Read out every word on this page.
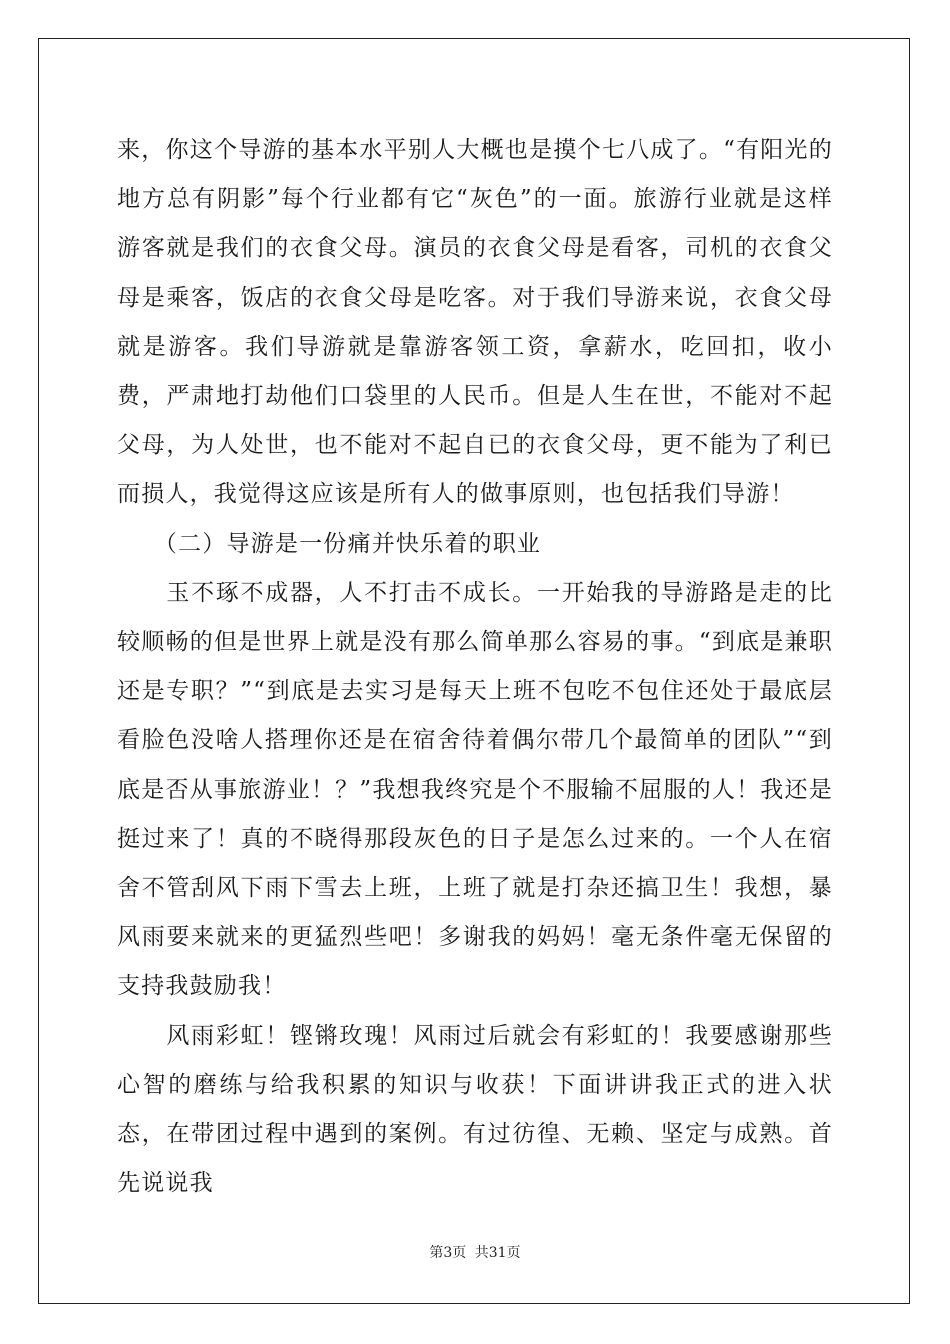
来，你这个导游的基本水平别人大概也是摸个七八成了。“有阳光的地方总有阴影”每个行业都有它“灰色”的一面。旅游行业就是这样游客就是我们的衣食父母。演员的衣食父母是看客，司机的衣食父母是乘客，饭店的衣食父母是吃客。对于我们导游来说，衣食父母就是游客。我们导游就是靠游客领工资，拿薪水，吃回扣，收小费，严肃地打劫他们口袋里的人民币。但是人生在世，不能对不起父母，为人处世，也不能对不起自已的衣食父母，更不能为了利已而损人，我觉得这应该是所有人的做事原则，也包括我们导游！

　　（二）导游是一份痛并快乐着的职业

　　玉不琢不成器，人不打击不成长。一开始我的导游路是走的比较顺畅的但是世界上就是没有那么简单那么容易的事。“到底是兼职还是专职？”“到底是去实习是每天上班不包吃不包住还处于最底层看脸色没啥人搭理你还是在宿舍待着偶尔带几个最简单的团队”“到底是否从事旅游业！？”我想我终究是个不服输不屈服的人！我还是挺过来了！真的不晓得那段灰色的日子是怎么过来的。一个人在宿舍不管刮风下雨下雪去上班，上班了就是打杂还搞卫生！我想，暴风雨要来就来的更猛烈些吧！多谢我的妈妈！毫无条件毫无保留的支持我鼓励我！

　　风雨彩虹！铿锵玫瑰！风雨过后就会有彩虹的！我要感谢那些心智的磨练与给我积累的知识与收获！下面讲讲我正式的进入状态，在带团过程中遇到的案例。有过彷徨、无赖、坚定与成熟。首先说说我

第3页 共31页
